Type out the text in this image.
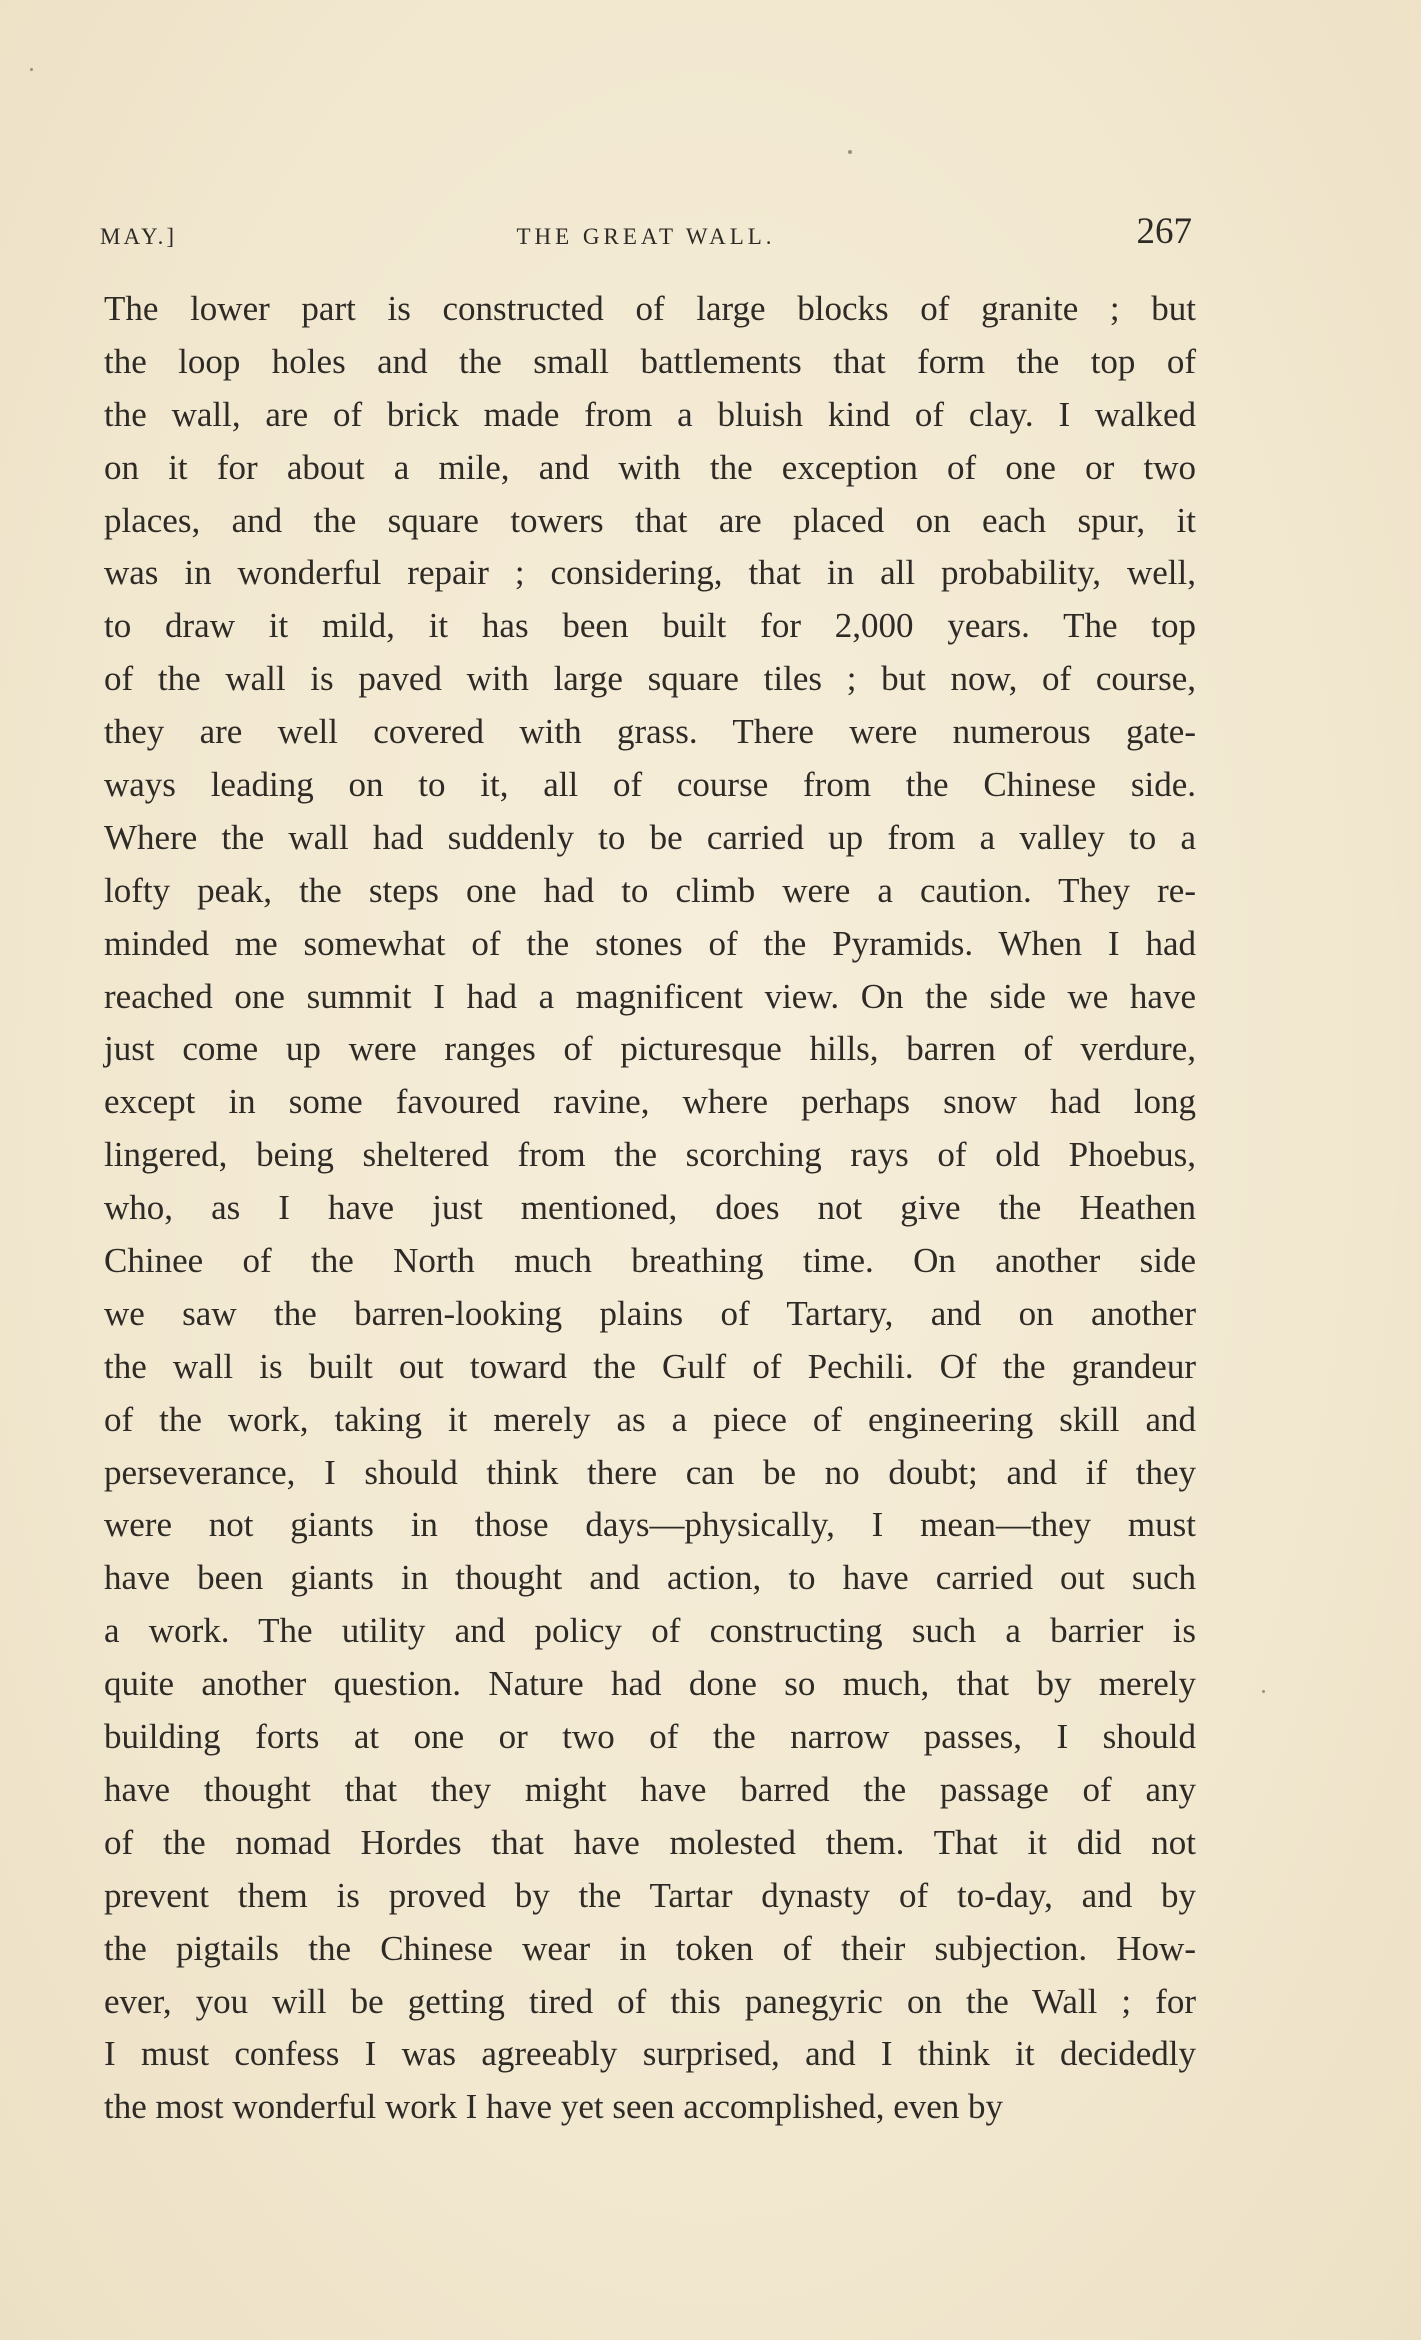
MAY.]	THE GREAT WALL.	267
The lower part is constructed of large blocks of granite ; but
the loop holes and the small battlements that form the top of
the wall, are of brick made from a bluish kind of clay. I walked
on it for about a mile, and with the exception of one or two
places, and the square towers that are placed on each spur, it
was in wonderful repair ; considering, that in all probability, well,
to draw it mild, it has been built for 2,000 years. The top
of the wall is paved with large square tiles ; but now, of course,
they are well covered with grass. There were numerous gate-
ways leading on to it, all of course from the Chinese side.
Where the wall had suddenly to be carried up from a valley to a
lofty peak, the steps one had to climb were a caution. They re-
minded me somewhat of the stones of the Pyramids. When I had
reached one summit I had a magnificent view. On the side we have
just come up were ranges of picturesque hills, barren of verdure,
except in some favoured ravine, where perhaps snow had long
lingered, being sheltered from the scorching rays of old Phoebus,
who, as I have just mentioned, does not give the Heathen
Chinee of the North much breathing time. On another side
we saw the barren-looking plains of Tartary, and on another
the wall is built out toward the Gulf of Pechili. Of the grandeur
of the work, taking it merely as a piece of engineering skill and
perseverance, I should think there can be no doubt; and if they
were not giants in those days—physically, I mean—they must
have been giants in thought and action, to have carried out such
a work. The utility and policy of constructing such a barrier is
quite another question. Nature had done so much, that by merely
building forts at one or two of the narrow passes, I should
have thought that they might have barred the passage of any
of the nomad Hordes that have molested them. That it did not
prevent them is proved by the Tartar dynasty of to-day, and by
the pigtails the Chinese wear in token of their subjection. How-
ever, you will be getting tired of this panegyric on the Wall ; for
I must confess I was agreeably surprised, and I think it decidedly
the most wonderful work I have yet seen accomplished, even by
